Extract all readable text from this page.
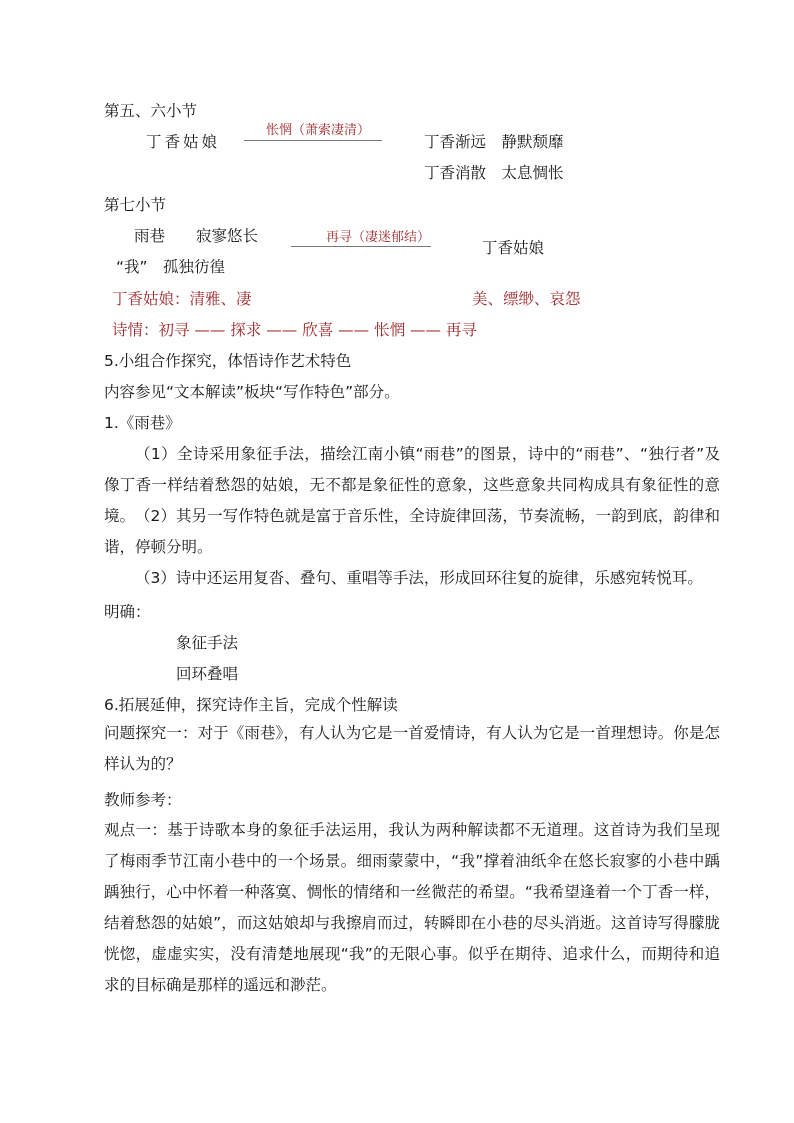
第五、六小节
丁香姑娘
怅惘（萧索凄清）
丁香渐远　静默颓靡
丁香消散　太息惆怅
第七小节
雨巷　　寂寥悠长	再寻（凄迷郁结）
丁香姑娘
“我”　孤独彷徨
丁香姑娘：清雅、凄	美、缥缈、哀怨
诗情：初寻 —— 探求 —— 欣喜 —— 怅惘 —— 再寻
5.小组合作探究，体悟诗作艺术特色
内容参见“文本解读”板块“写作特色”部分。
1.《雨巷》
（1）全诗采用象征手法，描绘江南小镇“雨巷”的图景，诗中的“雨巷”、“独行者”及像丁香一样结着愁怨的姑娘，无不都是象征性的意象，这些意象共同构成具有象征性的意境。 （2）其另一写作特色就是富于音乐性，全诗旋律回荡，节奏流畅，一韵到底，韵律和谐，停顿分明。
（3）诗中还运用复沓、叠句、重唱等手法，形成回环往复的旋律，乐感宛转悦耳。
明确：
象征手法
回环叠唱
6.拓展延伸，探究诗作主旨，完成个性解读
问题探究一：对于《雨巷》，有人认为它是一首爱情诗，有人认为它是一首理想诗。你是怎样认为的？
教师参考：
观点一：基于诗歌本身的象征手法运用，我认为两种解读都不无道理。这首诗为我们呈现了梅雨季节江南小巷中的一个场景。细雨蒙蒙中，“我”撑着油纸伞在悠长寂寥的小巷中踽踽独行，心中怀着一种落寞、惆怅的情绪和一丝微茫的希望。“我希望逢着一个丁香一样，结着愁怨的姑娘”，而这姑娘却与我擦肩而过，转瞬即在小巷的尽头消逝。这首诗写得朦胧恍惚，虚虚实实，没有清楚地展现“我”的无限心事。似乎在期待、追求什么，而期待和追求的目标确是那样的遥远和渺茫。
